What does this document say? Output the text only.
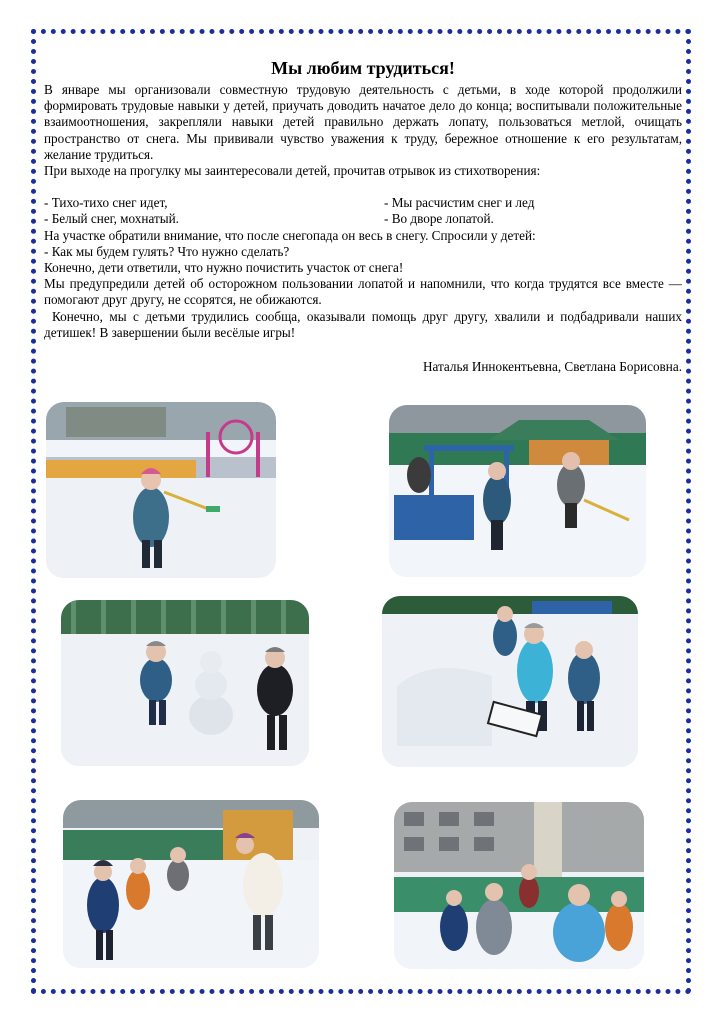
Мы любим трудиться!

В январе мы организовали совместную трудовую деятельность с детьми, в ходе которой продолжили формировать трудовые навыки у детей, приучать доводить начатое дело до конца; воспитывали положительные взаимоотношения, закрепляли навыки детей правильно держать лопату, пользоваться метлой, очищать пространство от снега. Мы прививали чувство уважения к труду, бережное отношение к его результатам, желание трудиться.

При выходе на прогулку мы заинтересовали детей, прочитав отрывок из стихотворения:

- Тихо-тихо снег идет,	- Мы расчистим снег и лед
- Белый снег, мохнатый.	- Во дворе лопатой.

На участке обратили внимание, что после снегопада он весь в снегу. Спросили у детей:

- Как мы будем гулять? Что нужно сделать?

Конечно, дети ответили, что нужно почистить участок от снега!

Мы предупредили детей об осторожном пользовании лопатой и напомнили, что когда трудятся все вместе — помогают друг другу, не ссорятся, не обижаются.

Конечно, мы с детьми трудились сообща, оказывали помощь друг другу, хвалили и подбадривали наших детишек! В завершении были весёлые игры!

Наталья Иннокентьевна, Светлана Борисовна.
